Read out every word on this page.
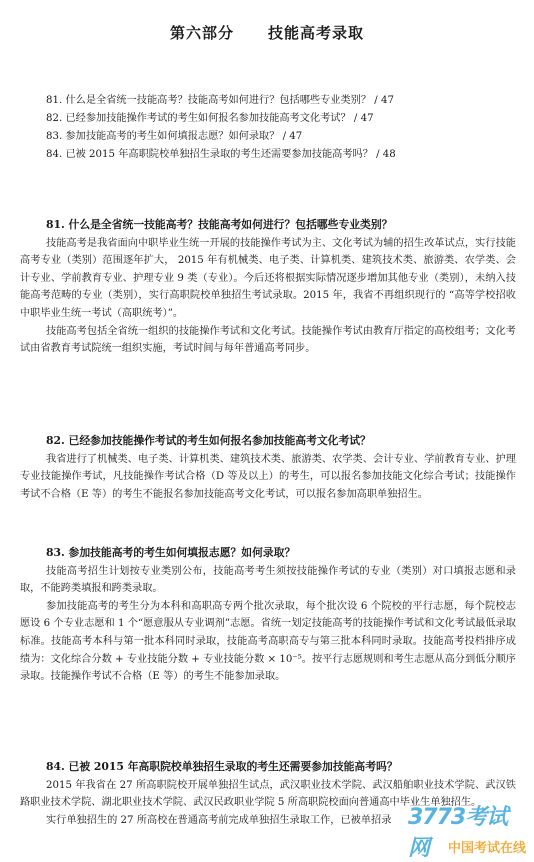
第六部分 技能高考录取
81. 什么是全省统一技能高考？技能高考如何进行？包括哪些专业类别？ / 47
82. 已经参加技能操作考试的考生如何报名参加技能高考文化考试？ / 47
83. 参加技能高考的考生如何填报志愿？如何录取？ / 47
84. 已被 2015 年高职院校单独招生录取的考生还需要参加技能高考吗？ / 48
81. 什么是全省统一技能高考？技能高考如何进行？包括哪些专业类别？
技能高考是我省面向中职毕业生统一开展的技能操作考试为主、文化考试为辅的招生改革试点，实行技能高考专业（类别）范围逐年扩大， 2015 年有机械类、电子类、计算机类、建筑技术类、旅游类、农学类、会计专业、学前教育专业、护理专业 9 类（专业）。今后还将根据实际情况逐步增加其他专业（类别），未纳入技能高考范畴的专业（类别），实行高职院校单独招生考试录取。2015 年，我省不再组织现行的 “高等学校招收中职毕业生统一考试（高职统考）”。
技能高考包括全省统一组织的技能操作考试和文化考试。技能操作考试由教育厅指定的高校组考；文化考试由省教育考试院统一组织实施，考试时间与每年普通高考同步。
82. 已经参加技能操作考试的考生如何报名参加技能高考文化考试？
我省进行了机械类、电子类、计算机类、建筑技术类、旅游类、农学类、会计专业、学前教育专业、护理专业技能操作考试，凡技能操作考试合格（D 等及以上）的考生，可以报名参加技能文化综合考试；技能操作考试不合格（E 等）的考生不能报名参加技能高考文化考试，可以报名参加高职单独招生。
83. 参加技能高考的考生如何填报志愿？如何录取？
技能高考招生计划按专业类别公布，技能高考考生须按技能操作考试的专业（类别）对口填报志愿和录取，不能跨类填报和跨类录取。
参加技能高考的考生分为本科和高职高专两个批次录取，每个批次设 6 个院校的平行志愿，每个院校志愿设 6 个专业志愿和 1 个“愿意服从专业调剂”志愿。省统一划定技能高考的技能操作考试和文化考试最低录取标准。技能高考本科与第一批本科同时录取，技能高考高职高专与第三批本科同时录取。技能高考投档排序成绩为：文化综合分数 + 专业技能分数 + 专业技能分数 × 10⁻⁵。按平行志愿规则和考生志愿从高分到低分顺序录取。技能操作考试不合格（E 等）的考生不能参加录取。
84. 已被 2015 年高职院校单独招生录取的考生还需要参加技能高考吗？
2015 年我省在 27 所高职院校开展单独招生试点，武汉职业技术学院、武汉船舶职业技术学院、武汉铁路职业技术学院、湖北职业技术学院、武汉民政职业学院 5 所高职院校面向普通高中毕业生单独招生。
实行单独招生的 27 所高校在普通高考前完成单独招生录取工作，已被单招录 3773考试网	中国考试在线
